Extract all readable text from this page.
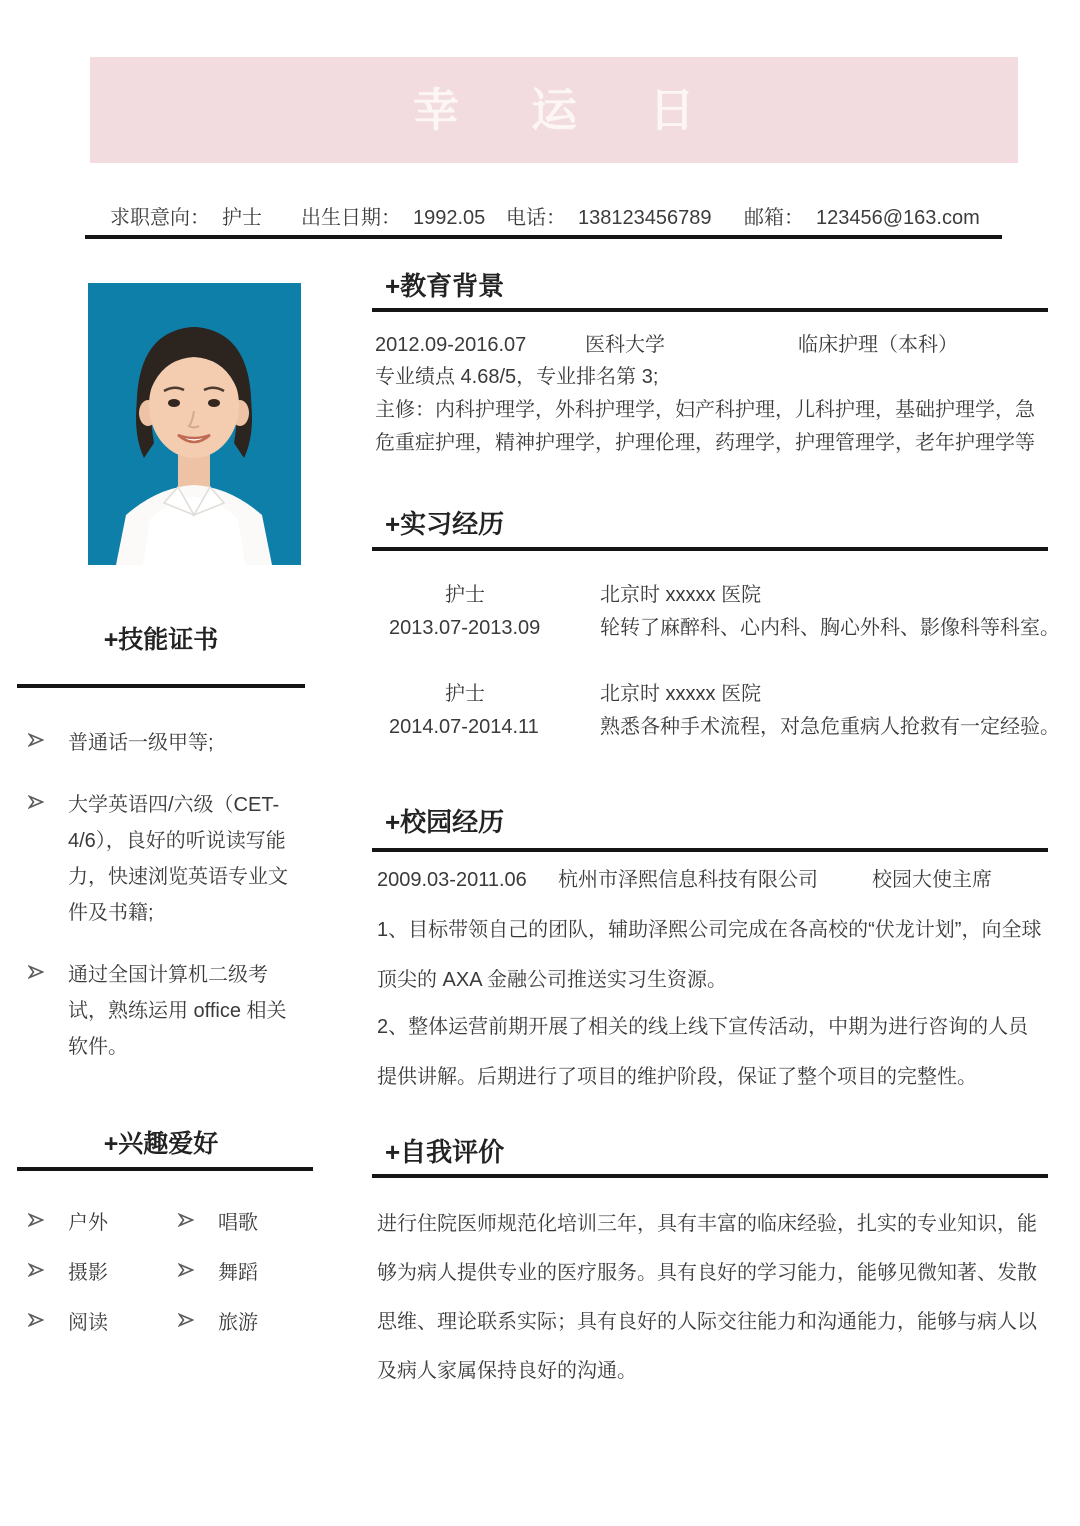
幸运日
求职意向： 护士 出生日期： 1992.05 电话： 138123456789 邮箱： 123456@163.com
+技能证书
普通话一级甲等;
大学英语四/六级（CET-4/6），良好的听说读写能力，快速浏览英语专业文件及书籍;
通过全国计算机二级考试，熟练运用 office 相关软件。
+兴趣爱好
户外	唱歌
摄影	舞蹈
阅读	旅游
+教育背景
2012.09-2016.07	医科大学	临床护理（本科）
专业绩点 4.68/5，专业排名第 3;
主修：内科护理学，外科护理学，妇产科护理，儿科护理，基础护理学，急危重症护理，精神护理学，护理伦理，药理学，护理管理学，老年护理学等
+实习经历
护士	北京时 xxxxx 医院
2013.07-2013.09	轮转了麻醉科、心内科、胸心外科、影像科等科室。
护士	北京时 xxxxx 医院
2014.07-2014.11	熟悉各种手术流程，对急危重病人抢救有一定经验。
+校园经历
2009.03-2011.06 杭州市泽熙信息科技有限公司	校园大使主席
1、目标带领自己的团队，辅助泽熙公司完成在各高校的“伏龙计划”，向全球顶尖的 AXA 金融公司推送实习生资源。
2、整体运营前期开展了相关的线上线下宣传活动，中期为进行咨询的人员提供讲解。后期进行了项目的维护阶段，保证了整个项目的完整性。
+自我评价
进行住院医师规范化培训三年，具有丰富的临床经验，扎实的专业知识，能够为病人提供专业的医疗服务。具有良好的学习能力，能够见微知著、发散思维、理论联系实际；具有良好的人际交往能力和沟通能力，能够与病人以及病人家属保持良好的沟通。
